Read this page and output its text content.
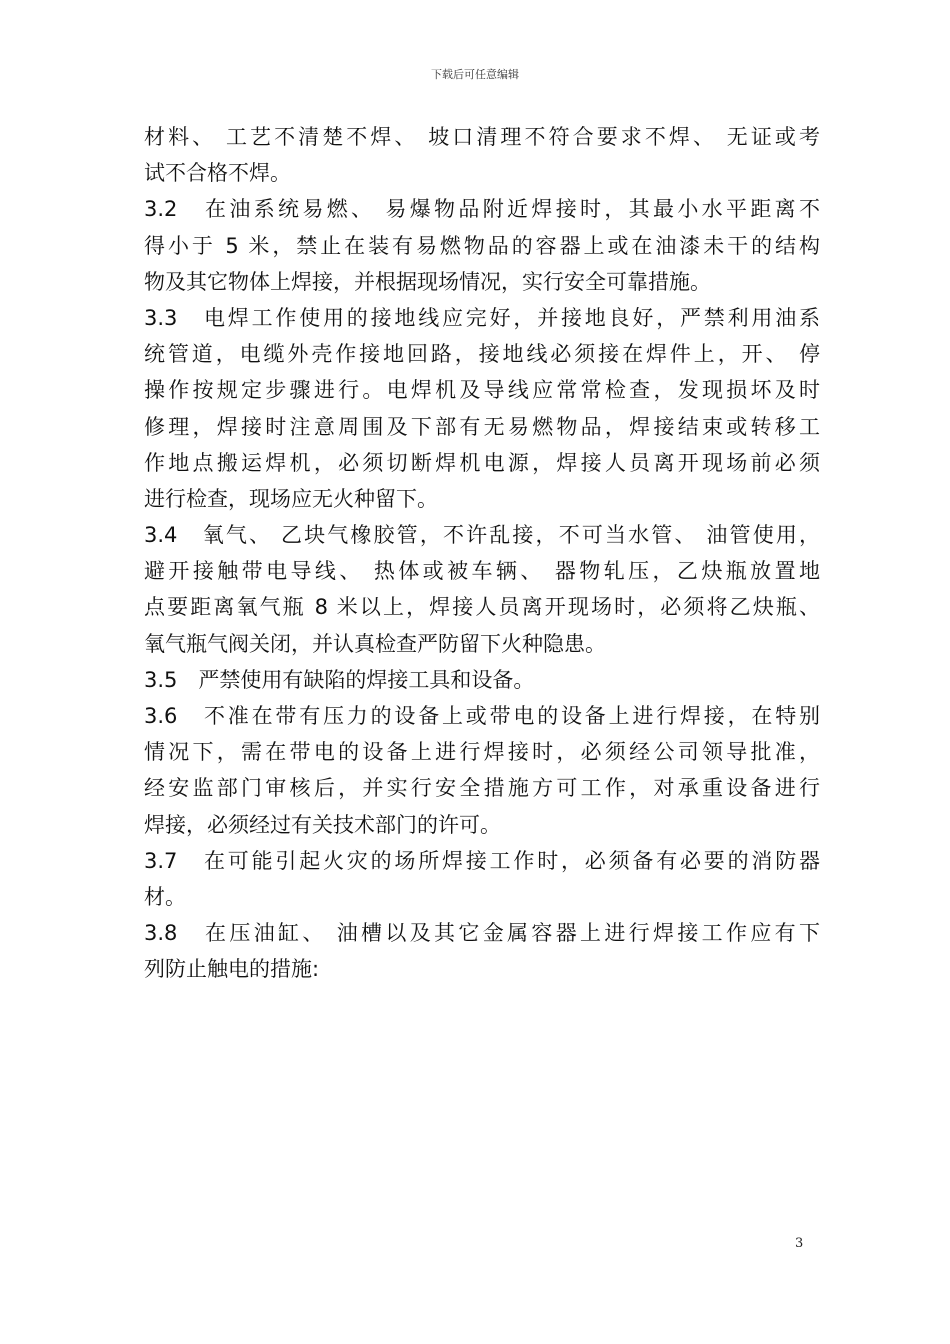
下载后可任意编辑
材料、 工艺不清楚不焊、 坡口清理不符合要求不焊、 无证或考
试不合格不焊。
3.2　在油系统易燃、 易爆物品附近焊接时，其最小水平距离不
得小于 5 米，禁止在装有易燃物品的容器上或在油漆未干的结构
物及其它物体上焊接，并根据现场情况，实行安全可靠措施。
3.3　电焊工作使用的接地线应完好，并接地良好，严禁利用油系
统管道，电缆外壳作接地回路，接地线必须接在焊件上，开、 停
操作按规定步骤进行。电焊机及导线应常常检查，发现损坏及时
修理，焊接时注意周围及下部有无易燃物品，焊接结束或转移工
作地点搬运焊机，必须切断焊机电源，焊接人员离开现场前必须
进行检查，现场应无火种留下。
3.4　氧气、 乙块气橡胶管，不许乱接，不可当水管、 油管使用，
避开接触带电导线、 热体或被车辆、 器物轧压，乙炔瓶放置地
点要距离氧气瓶 8 米以上，焊接人员离开现场时，必须将乙炔瓶、
氧气瓶气阀关闭，并认真检查严防留下火种隐患。
3.5　严禁使用有缺陷的焊接工具和设备。
3.6　不准在带有压力的设备上或带电的设备上进行焊接，在特别
情况下，需在带电的设备上进行焊接时，必须经公司领导批准，
经安监部门审核后，并实行安全措施方可工作，对承重设备进行
焊接，必须经过有关技术部门的许可。
3.7　在可能引起火灾的场所焊接工作时，必须备有必要的消防器
材。
3.8　在压油缸、 油槽以及其它金属容器上进行焊接工作应有下
列防止触电的措施:
3
